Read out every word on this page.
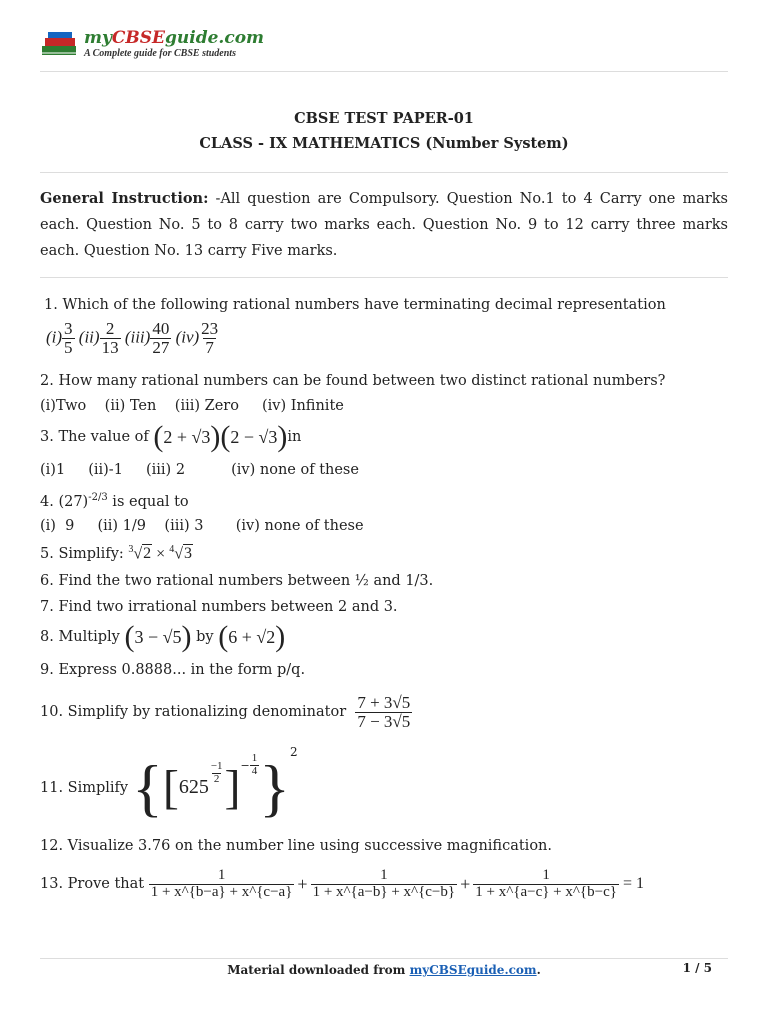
myCBSEguide.com
A Complete guide for CBSE students
CBSE TEST PAPER-01
CLASS - IX MATHEMATICS (Number System)
General Instruction: -All question are Compulsory. Question No.1 to 4 Carry one marks each. Question No. 5 to 8 carry two marks each. Question No. 9 to 12 carry three marks each. Question No. 13 carry Five marks.
1. Which of the following rational numbers have terminating decimal representation
$(i) \frac{3}{5} (ii) \frac{2}{13} (iii) \frac{40}{27} (iv) \frac{23}{7}$
2. How many rational numbers can be found between two distinct rational numbers?
(i)Two    (ii) Ten    (iii) Zero     (iv) Infinite
3. The value of
( 2 + √3 ) ( 2 − √3 ) in
(i)1     (ii)-1     (iii) 2          (iv) none of these
4. $(27)^{-2/3}$ is equal to
(i)  9     (ii) 1/9    (iii) 3       (iv) none of these
5. Simplify:
$^3$√2 × $^4$√3
6. Find the two rational numbers between ½ and 1/3.
7. Find two irrational numbers between 2 and 3.
8. Multiply
( 3 − √5 )
by
( 6 + √2 )
9. Express 0.8888... in the form p/q.
10. Simplify by rationalizing denominator
$\frac{7 + 3√5}{7 - 3√5}$
11. Simplify { [ 625
$\frac{-1}{2}$ ] − $\frac{1}{4} \}^2$
12. Visualize 3.76 on the number line using successive magnification.
13. Prove that
$\frac{1}{1 + x\^{}\{b-a\} + x\^{}\{c-a\}} + \frac{1}{1 + x\^{}\{a-b\} + x\^{}\{c-b\}} + \frac{1}{1 + x\^{}\{a-c\} + x\^{}\{b-c\}} = 1$
Material downloaded from myCBSEguide.com.	1 / 5
